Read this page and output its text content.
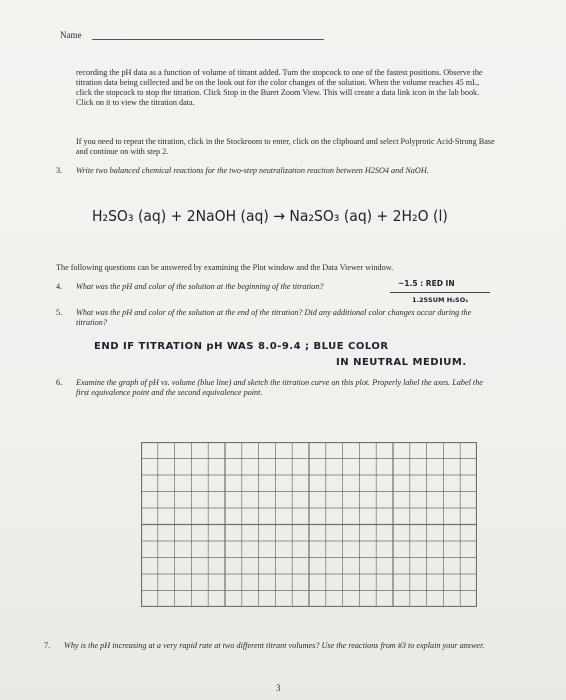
Name
recording the pH data as a function of volume of titrant added. Turn the stopcock to one of the fastest positions. Observe the titration data being collected and be on the look out for the color changes of the solution. When the volume reaches 45 mL, click the stopcock to stop the titration. Click Stop in the Buret Zoom View. This will create a data link icon in the lab book. Click on it to view the titration data.
If you need to repeat the titration, click in the Stockroom to enter, click on the clipboard and select Polyprotic Acid-Strong Base and continue on with step 2.
3. Write two balanced chemical reactions for the two-step neutralization reaction between H2SO4 and NaOH.
H₂SO₃ (aq) + 2NaOH (aq) → Na₂SO₃ (aq) + 2H₂O (l)
The following questions can be answered by examining the Plot window and the Data Viewer window.
4. What was the pH and color of the solution at the beginning of the titration?	~1.5 : RED IN
1.25SUM H₂SO₄
5. What was the pH and color of the solution at the end of the titration? Did any additional color changes occur during the titration?
END IF TITRATION pH WAS 8.0-9.4 ; BLUE COLOR
IN NEUTRAL MEDIUM.
6. Examine the graph of pH vs. volume (blue line) and sketch the titration curve on this plot. Properly label the axes. Label the first equivalence point and the second equivalence point.
7. Why is the pH increasing at a very rapid rate at two different titrant volumes? Use the reactions from #3 to explain your answer.
3
